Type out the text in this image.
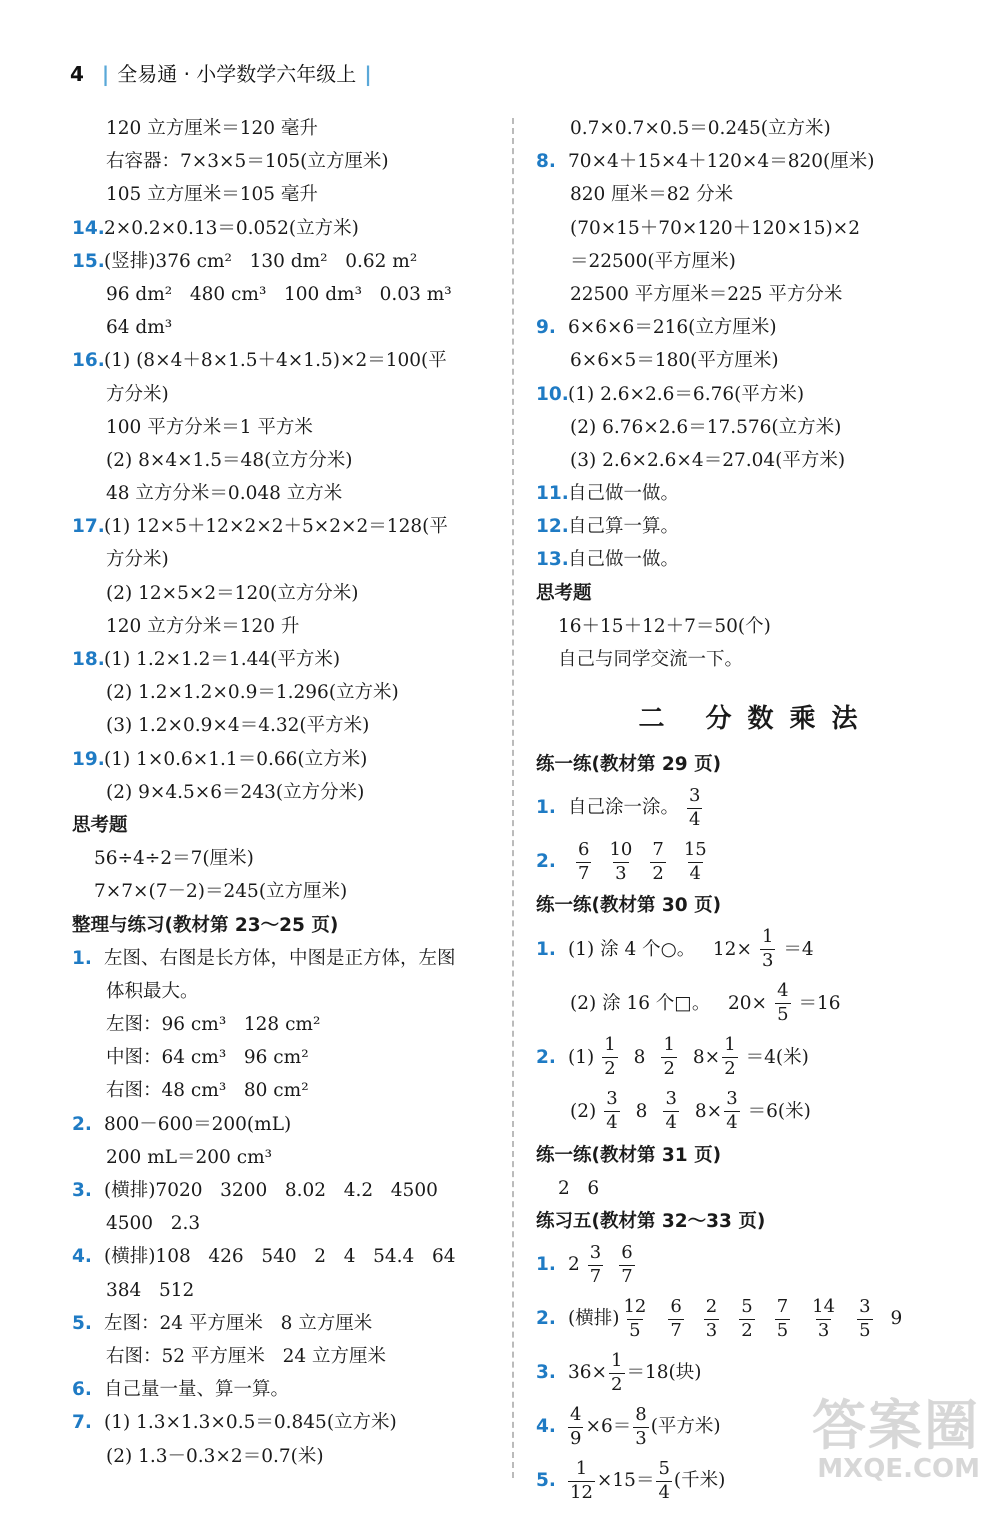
4 | 全易通 · 小学数学六年级上 |
120 立方厘米＝120 毫升
右容器：7×3×5＝105(立方厘米)
105 立方厘米＝105 毫升
14.2×0.2×0.13＝0.052(立方米)
15.(竖排)376 cm²   130 dm²   0.62 m²
96 dm²   480 cm³   100 dm³   0.03 m³
64 dm³
16.(1) (8×4＋8×1.5＋4×1.5)×2＝100(平
方分米)
100 平方分米＝1 平方米
(2) 8×4×1.5＝48(立方分米)
48 立方分米＝0.048 立方米
17.(1) 12×5＋12×2×2＋5×2×2＝128(平
方分米)
(2) 12×5×2＝120(立方分米)
120 立方分米＝120 升
18.(1) 1.2×1.2＝1.44(平方米)
(2) 1.2×1.2×0.9＝1.296(立方米)
(3) 1.2×0.9×4＝4.32(平方米)
19.(1) 1×0.6×1.1＝0.66(立方米)
(2) 9×4.5×6＝243(立方分米)
思考题
56÷4÷2＝7(厘米)
7×7×(7－2)＝245(立方厘米)
整理与练习(教材第 23～25 页)
1. 左图、右图是长方体，中图是正方体，左图
体积最大。
左图：96 cm³   128 cm²
中图：64 cm³   96 cm²
右图：48 cm³   80 cm²
2. 800－600＝200(mL)
200 mL＝200 cm³
3. (横排)7020   3200   8.02   4.2   4500
4500   2.3
4. (横排)108   426   540   2   4   54.4   64
384   512
5. 左图：24 平方厘米   8 立方厘米
右图：52 平方厘米   24 立方厘米
6. 自己量一量、算一算。
7. (1) 1.3×1.3×0.5＝0.845(立方米)
(2) 1.3－0.3×2＝0.7(米)
0.7×0.7×0.5＝0.245(立方米)
8. 70×4＋15×4＋120×4＝820(厘米)
820 厘米＝82 分米
(70×15＋70×120＋120×15)×2
＝22500(平方厘米)
22500 平方厘米＝225 平方分米
9. 6×6×6＝216(立方厘米)
6×6×5＝180(平方厘米)
10.(1) 2.6×2.6＝6.76(平方米)
(2) 6.76×2.6＝17.576(立方米)
(3) 2.6×2.6×4＝27.04(平方米)
11.自己做一做。
12.自己算一算。
13.自己做一做。
思考题
16＋15＋12＋7＝50(个)
自己与同学交流一下。
二 分数乘法
练一练(教材第 29 页)
1. 自己涂一涂。 $\frac{3}{4}$
2.	$\frac{6}{7} \frac{10}{3} \frac{7}{2} \frac{15}{4}$
练一练(教材第 30 页)
1. (1) 涂 4 个○。   $12\times \frac{1}{3} =4$
(2) 涂 16 个□。   $20\times \frac{4}{5} =16$
2. $(1) \frac{1}{2} 8 \frac{1}{2} 8\times \frac{1}{2} =4$(米)
$(2) \frac{3}{4} 8 \frac{3}{4} 8\times \frac{3}{4} =6$(米)
练一练(教材第 31 页)
2   6
练习五(教材第 32～33 页)
1. $2 \frac{3}{7} \frac{6}{7}$
2. (横排) $\frac{12}{5} \frac{6}{7} \frac{2}{3} \frac{5}{2} \frac{7}{5} \frac{14}{3} \frac{3}{5} 9$
3. $36\times \frac{1}{2} =18$(块)
4. $\frac{4}{9} \times 6= \frac{8}{3}$ (平方米)
5. $\frac{1}{12} \times 15= \frac{5}{4}$ (千米)
答案圈
MXQE.COM
